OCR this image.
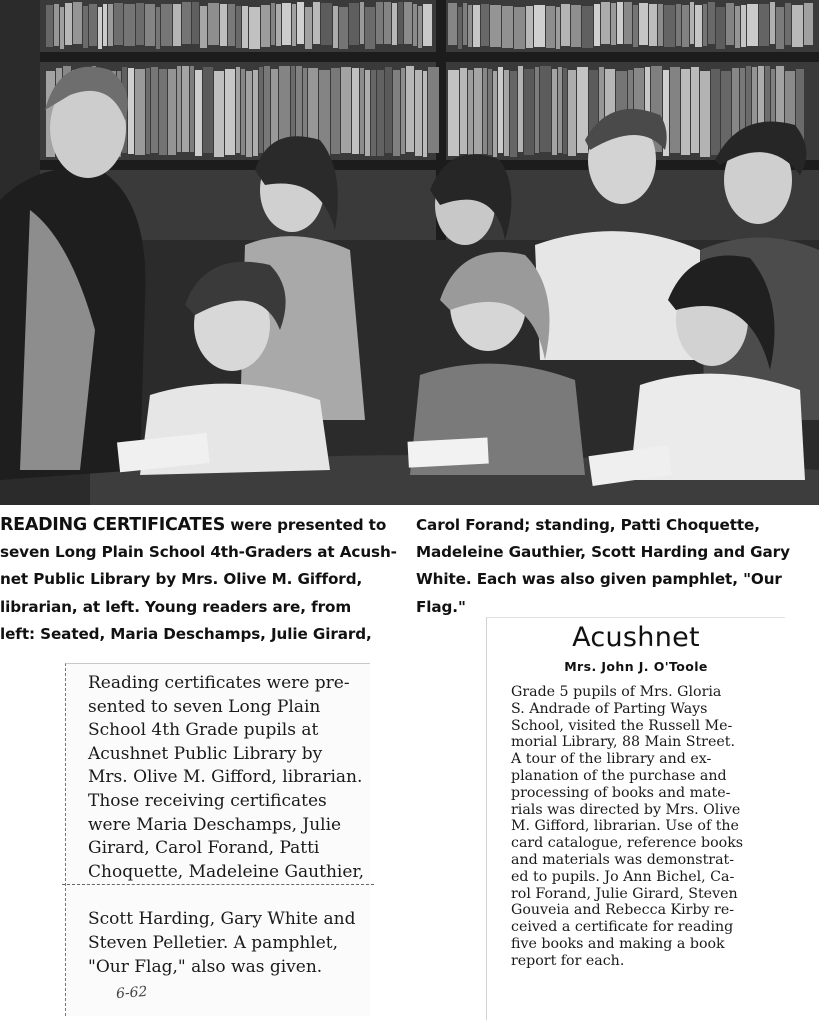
READING CERTIFICATES were presented to
seven Long Plain School 4th-Graders at Acush-
net Public Library by Mrs. Olive M. Gifford,
librarian, at left. Young readers are, from
left: Seated, Maria Deschamps, Julie Girard,
Carol Forand; standing, Patti Choquette,
Madeleine Gauthier, Scott Harding and Gary
White. Each was also given pamphlet, "Our
Flag."
Reading certificates were pre-
sented to seven Long Plain
School 4th Grade pupils at
Acushnet Public Library by
Mrs. Olive M. Gifford, librarian.
Those receiving certificates
were Maria Deschamps, Julie
Girard, Carol Forand, Patti
Choquette, Madeleine Gauthier,
Scott Harding, Gary White and
Steven Pelletier. A pamphlet,
"Our Flag," also was given.
6-62
Acushnet
Mrs. John J. O'Toole
Grade 5 pupils of Mrs. Gloria
S. Andrade of Parting Ways
School, visited the Russell Me-
morial Library, 88 Main Street.
A tour of the library and ex-
planation of the purchase and
processing of books and mate-
rials was directed by Mrs. Olive
M. Gifford, librarian. Use of the
card catalogue, reference books
and materials was demonstrat-
ed to pupils. Jo Ann Bichel, Ca-
rol Forand, Julie Girard, Steven
Gouveia and Rebecca Kirby re-
ceived a certificate for reading
five books and making a book
report for each.
